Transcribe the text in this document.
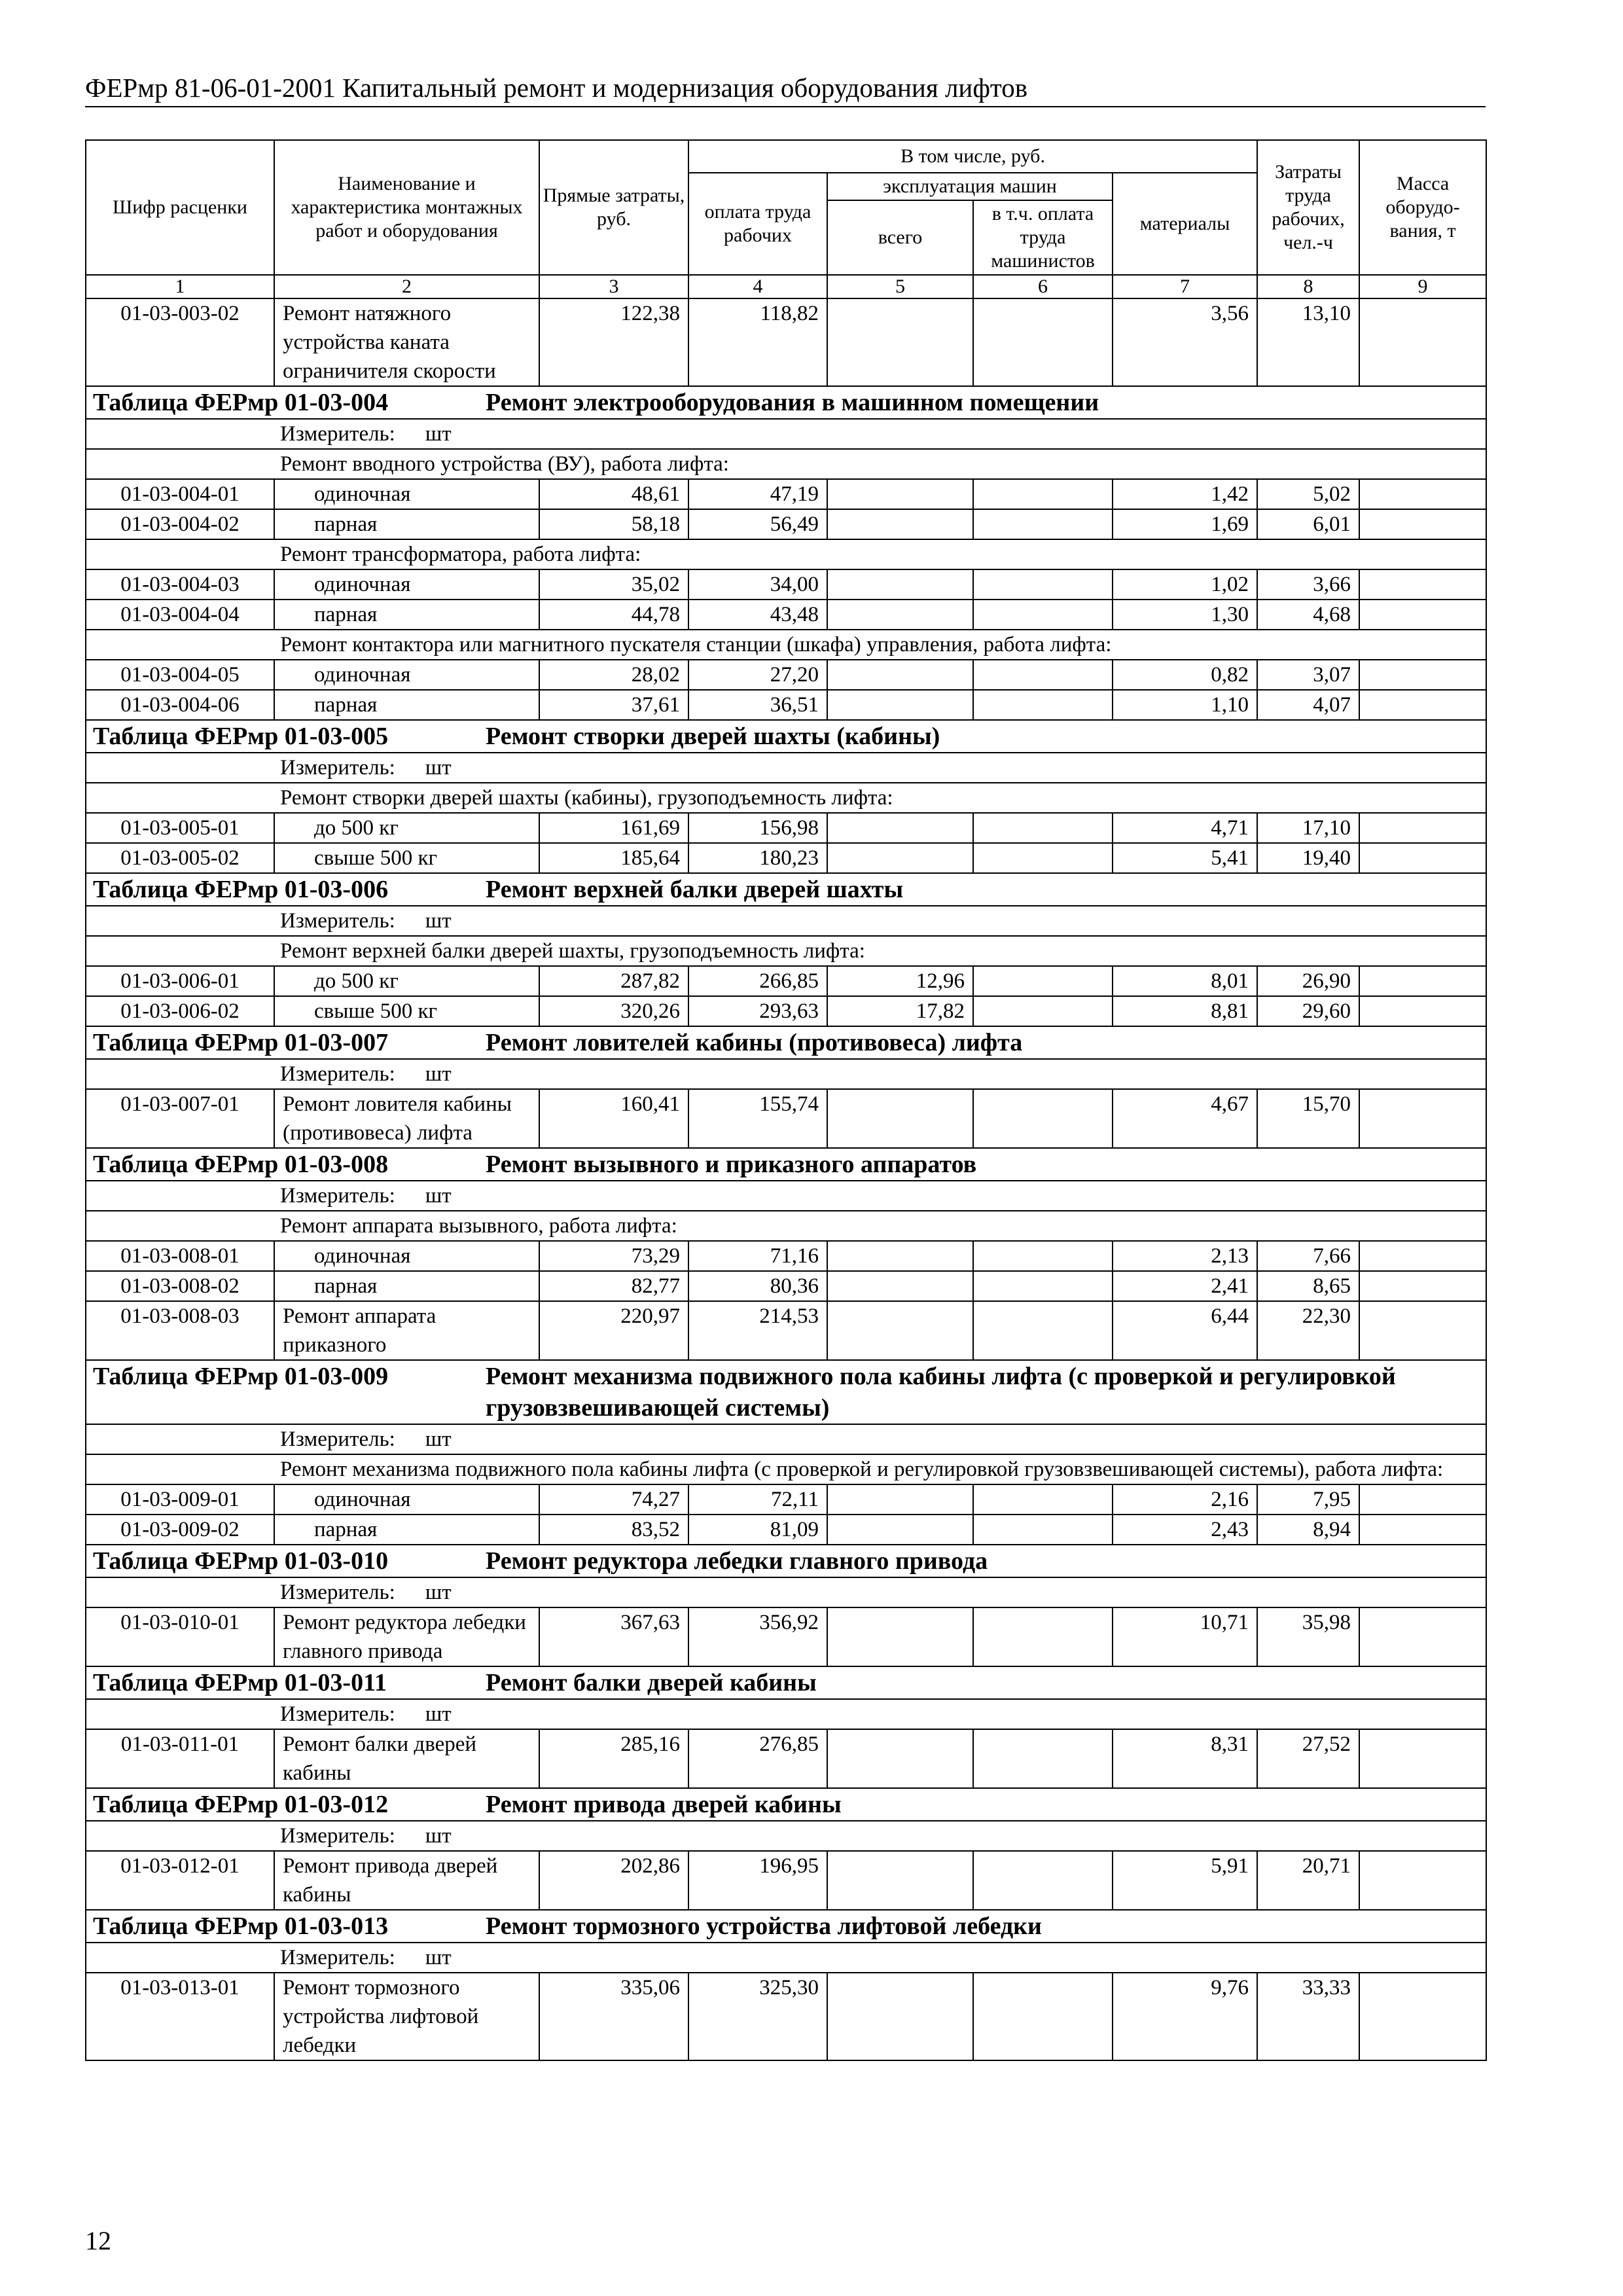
ФЕРмр 81-06-01-2001 Капитальный ремонт и модернизация оборудования лифтов
Шифр расценки	Наименование и характеристика монтажных работ и оборудования	Прямые затраты, руб.	В том числе, руб.				Затраты труда рабочих, чел.-ч	Масса оборудо-вания, т
			оплата труда рабочих	эксплуатация машин		материалы		
				всего	в т.ч. оплата труда машинистов			
1	2	3	4	5	6	7	8	9
01-03-003-02	Ремонт натяжного устройства каната ограничителя скорости	122,38	118,82			3,56	13,10	
Таблица ФЕРмр 01-03-004 Ремонт электрооборудования в машинном помещении								
Измеритель: шт								
Ремонт вводного устройства (ВУ), работа лифта:								
01-03-004-01	одиночная	48,61	47,19			1,42	5,02	
01-03-004-02	парная	58,18	56,49			1,69	6,01	
Ремонт трансформатора, работа лифта:								
01-03-004-03	одиночная	35,02	34,00			1,02	3,66	
01-03-004-04	парная	44,78	43,48			1,30	4,68	
Ремонт контактора или магнитного пускателя станции (шкафа) управления, работа лифта:								
01-03-004-05	одиночная	28,02	27,20			0,82	3,07	
01-03-004-06	парная	37,61	36,51			1,10	4,07	
Таблица ФЕРмр 01-03-005 Ремонт створки дверей шахты (кабины)								
Измеритель: шт								
Ремонт створки дверей шахты (кабины), грузоподъемность лифта:								
01-03-005-01	до 500 кг	161,69	156,98			4,71	17,10	
01-03-005-02	свыше 500 кг	185,64	180,23			5,41	19,40	
Таблица ФЕРмр 01-03-006 Ремонт верхней балки дверей шахты								
Измеритель: шт								
Ремонт верхней балки дверей шахты, грузоподъемность лифта:								
01-03-006-01	до 500 кг	287,82	266,85	12,96		8,01	26,90	
01-03-006-02	свыше 500 кг	320,26	293,63	17,82		8,81	29,60	
Таблица ФЕРмр 01-03-007 Ремонт ловителей кабины (противовеса) лифта								
Измеритель: шт								
01-03-007-01	Ремонт ловителя кабины (противовеса) лифта	160,41	155,74			4,67	15,70	
Таблица ФЕРмр 01-03-008 Ремонт вызывного и приказного аппаратов								
Измеритель: шт								
Ремонт аппарата вызывного, работа лифта:								
01-03-008-01	одиночная	73,29	71,16			2,13	7,66	
01-03-008-02	парная	82,77	80,36			2,41	8,65	
01-03-008-03	Ремонт аппарата приказного	220,97	214,53			6,44	22,30	
Таблица ФЕРмр 01-03-009 Ремонт механизма подвижного пола кабины лифта (с проверкой и регулировкой грузовзвешивающей системы)								
Измеритель: шт								
Ремонт механизма подвижного пола кабины лифта (с проверкой и регулировкой грузовзвешивающей системы), работа лифта:								
01-03-009-01	одиночная	74,27	72,11			2,16	7,95	
01-03-009-02	парная	83,52	81,09			2,43	8,94	
Таблица ФЕРмр 01-03-010 Ремонт редуктора лебедки главного привода								
Измеритель: шт								
01-03-010-01	Ремонт редуктора лебедки главного привода	367,63	356,92			10,71	35,98	
Таблица ФЕРмр 01-03-011 Ремонт балки дверей кабины								
Измеритель: шт								
01-03-011-01	Ремонт балки дверей кабины	285,16	276,85			8,31	27,52	
Таблица ФЕРмр 01-03-012 Ремонт привода дверей кабины								
Измеритель: шт								
01-03-012-01	Ремонт привода дверей кабины	202,86	196,95			5,91	20,71	
Таблица ФЕРмр 01-03-013 Ремонт тормозного устройства лифтовой лебедки								
Измеритель: шт								
01-03-013-01	Ремонт тормозного устройства лифтовой лебедки	335,06	325,30			9,76	33,33	
12
